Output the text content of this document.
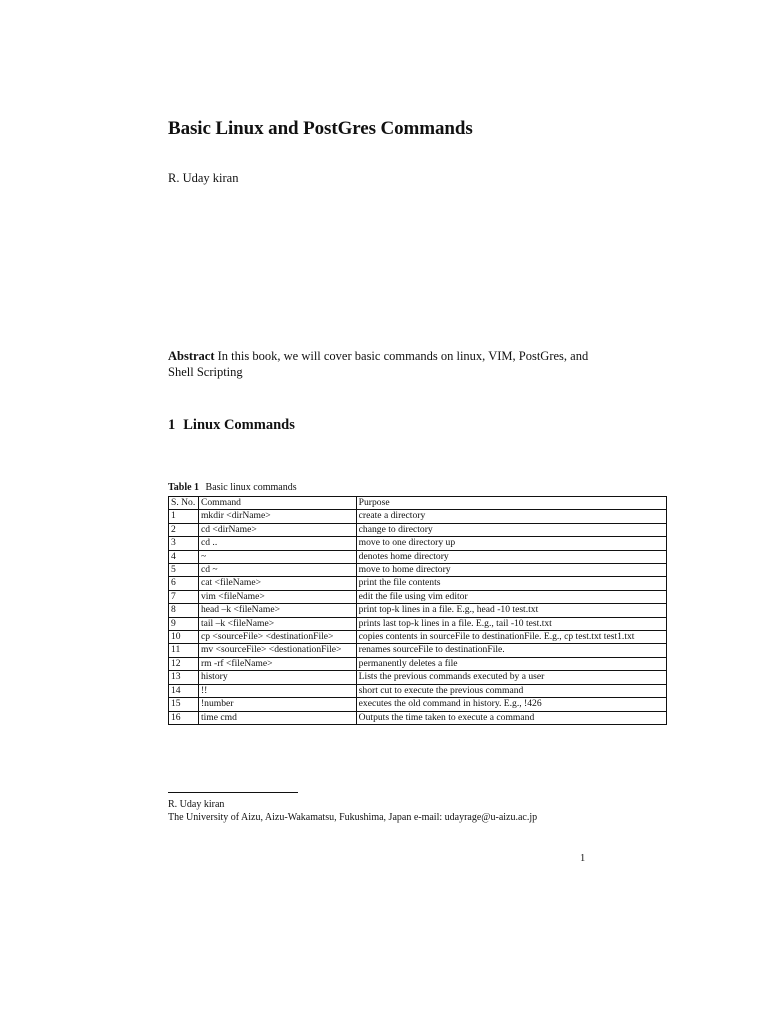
Basic Linux and PostGres Commands
R. Uday kiran
Abstract In this book, we will cover basic commands on linux, VIM, PostGres, and Shell Scripting
1 Linux Commands
Table 1 Basic linux commands
S. No.	Command	Purpose
1	mkdir <dirName>	create a directory
2	cd <dirName>	change to directory
3	cd ..	move to one directory up
4	~	denotes home directory
5	cd ~	move to home directory
6	cat <fileName>	print the file contents
7	vim <fileName>	edit the file using vim editor
8	head –k <fileName>	print top-k lines in a file. E.g., head -10 test.txt
9	tail –k <fileName>	prints last top-k lines in a file. E.g., tail -10 test.txt
10	cp <sourceFile> <destinationFile>	copies contents in sourceFile to destinationFile. E.g., cp test.txt test1.txt
11	mv <sourceFile> <destionationFile>	renames sourceFile to destinationFile.
12	rm -rf <fileName>	permanently deletes a file
13	history	Lists the previous commands executed by a user
14	!!	short cut to execute the previous command
15	!number	executes the old command in history. E.g., !426
16	time cmd	Outputs the time taken to execute a command
R. Uday kiran
The University of Aizu, Aizu-Wakamatsu, Fukushima, Japan e-mail: udayrage@u-aizu.ac.jp
1
